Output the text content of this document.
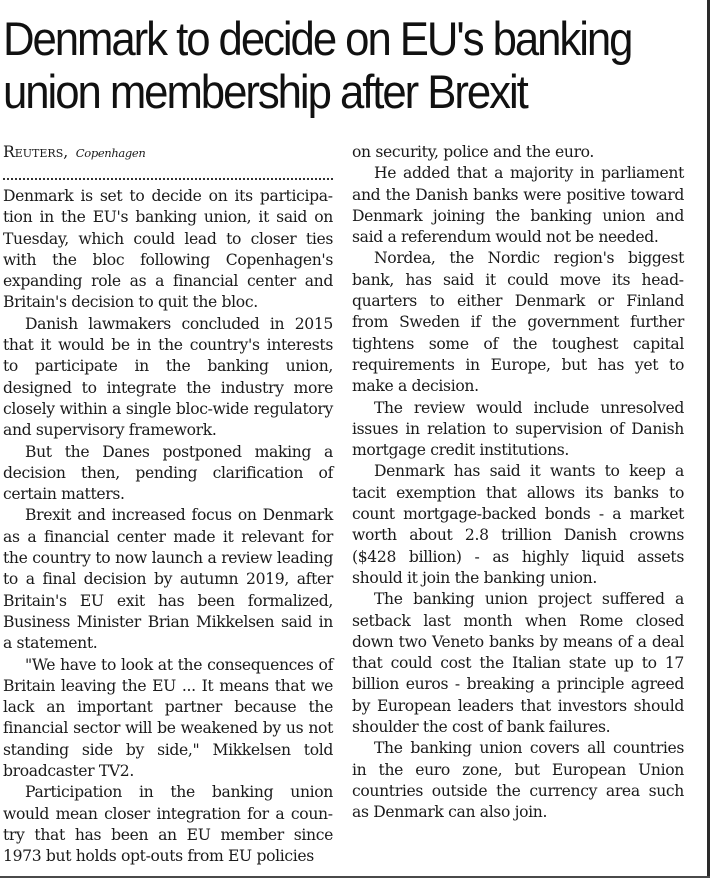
Denmark to decide on EU's banking union membership after Brexit
Reuters, Copenhagen

Denmark is set to decide on its participation in the EU's banking union, it said on Tuesday, which could lead to closer ties with the bloc following Copenhagen's expanding role as a financial center and Britain's decision to quit the bloc.

Danish lawmakers concluded in 2015 that it would be in the country's interests to participate in the banking union, designed to integrate the industry more closely within a single bloc-wide regulatory and supervisory framework.

But the Danes postponed making a decision then, pending clarification of certain matters.

Brexit and increased focus on Denmark as a financial center made it relevant for the country to now launch a review leading to a final decision by autumn 2019, after Britain's EU exit has been formalized, Business Minister Brian Mikkelsen said in a statement.

"We have to look at the consequences of Britain leaving the EU ... It means that we lack an important partner because the financial sector will be weakened by us not standing side by side," Mikkelsen told broadcaster TV2.

Participation in the banking union would mean closer integration for a country that has been an EU member since 1973 but holds opt-outs from EU policies

on security, police and the euro.

He added that a majority in parliament and the Danish banks were positive toward Denmark joining the banking union and said a referendum would not be needed.

Nordea, the Nordic region's biggest bank, has said it could move its headquarters to either Denmark or Finland from Sweden if the government further tightens some of the toughest capital requirements in Europe, but has yet to make a decision.

The review would include unresolved issues in relation to supervision of Danish mortgage credit institutions.

Denmark has said it wants to keep a tacit exemption that allows its banks to count mortgage-backed bonds - a market worth about 2.8 trillion Danish crowns ($428 billion) - as highly liquid assets should it join the banking union.

The banking union project suffered a setback last month when Rome closed down two Veneto banks by means of a deal that could cost the Italian state up to 17 billion euros - breaking a principle agreed by European leaders that investors should shoulder the cost of bank failures.

The banking union covers all countries in the euro zone, but European Union countries outside the currency area such as Denmark can also join.
